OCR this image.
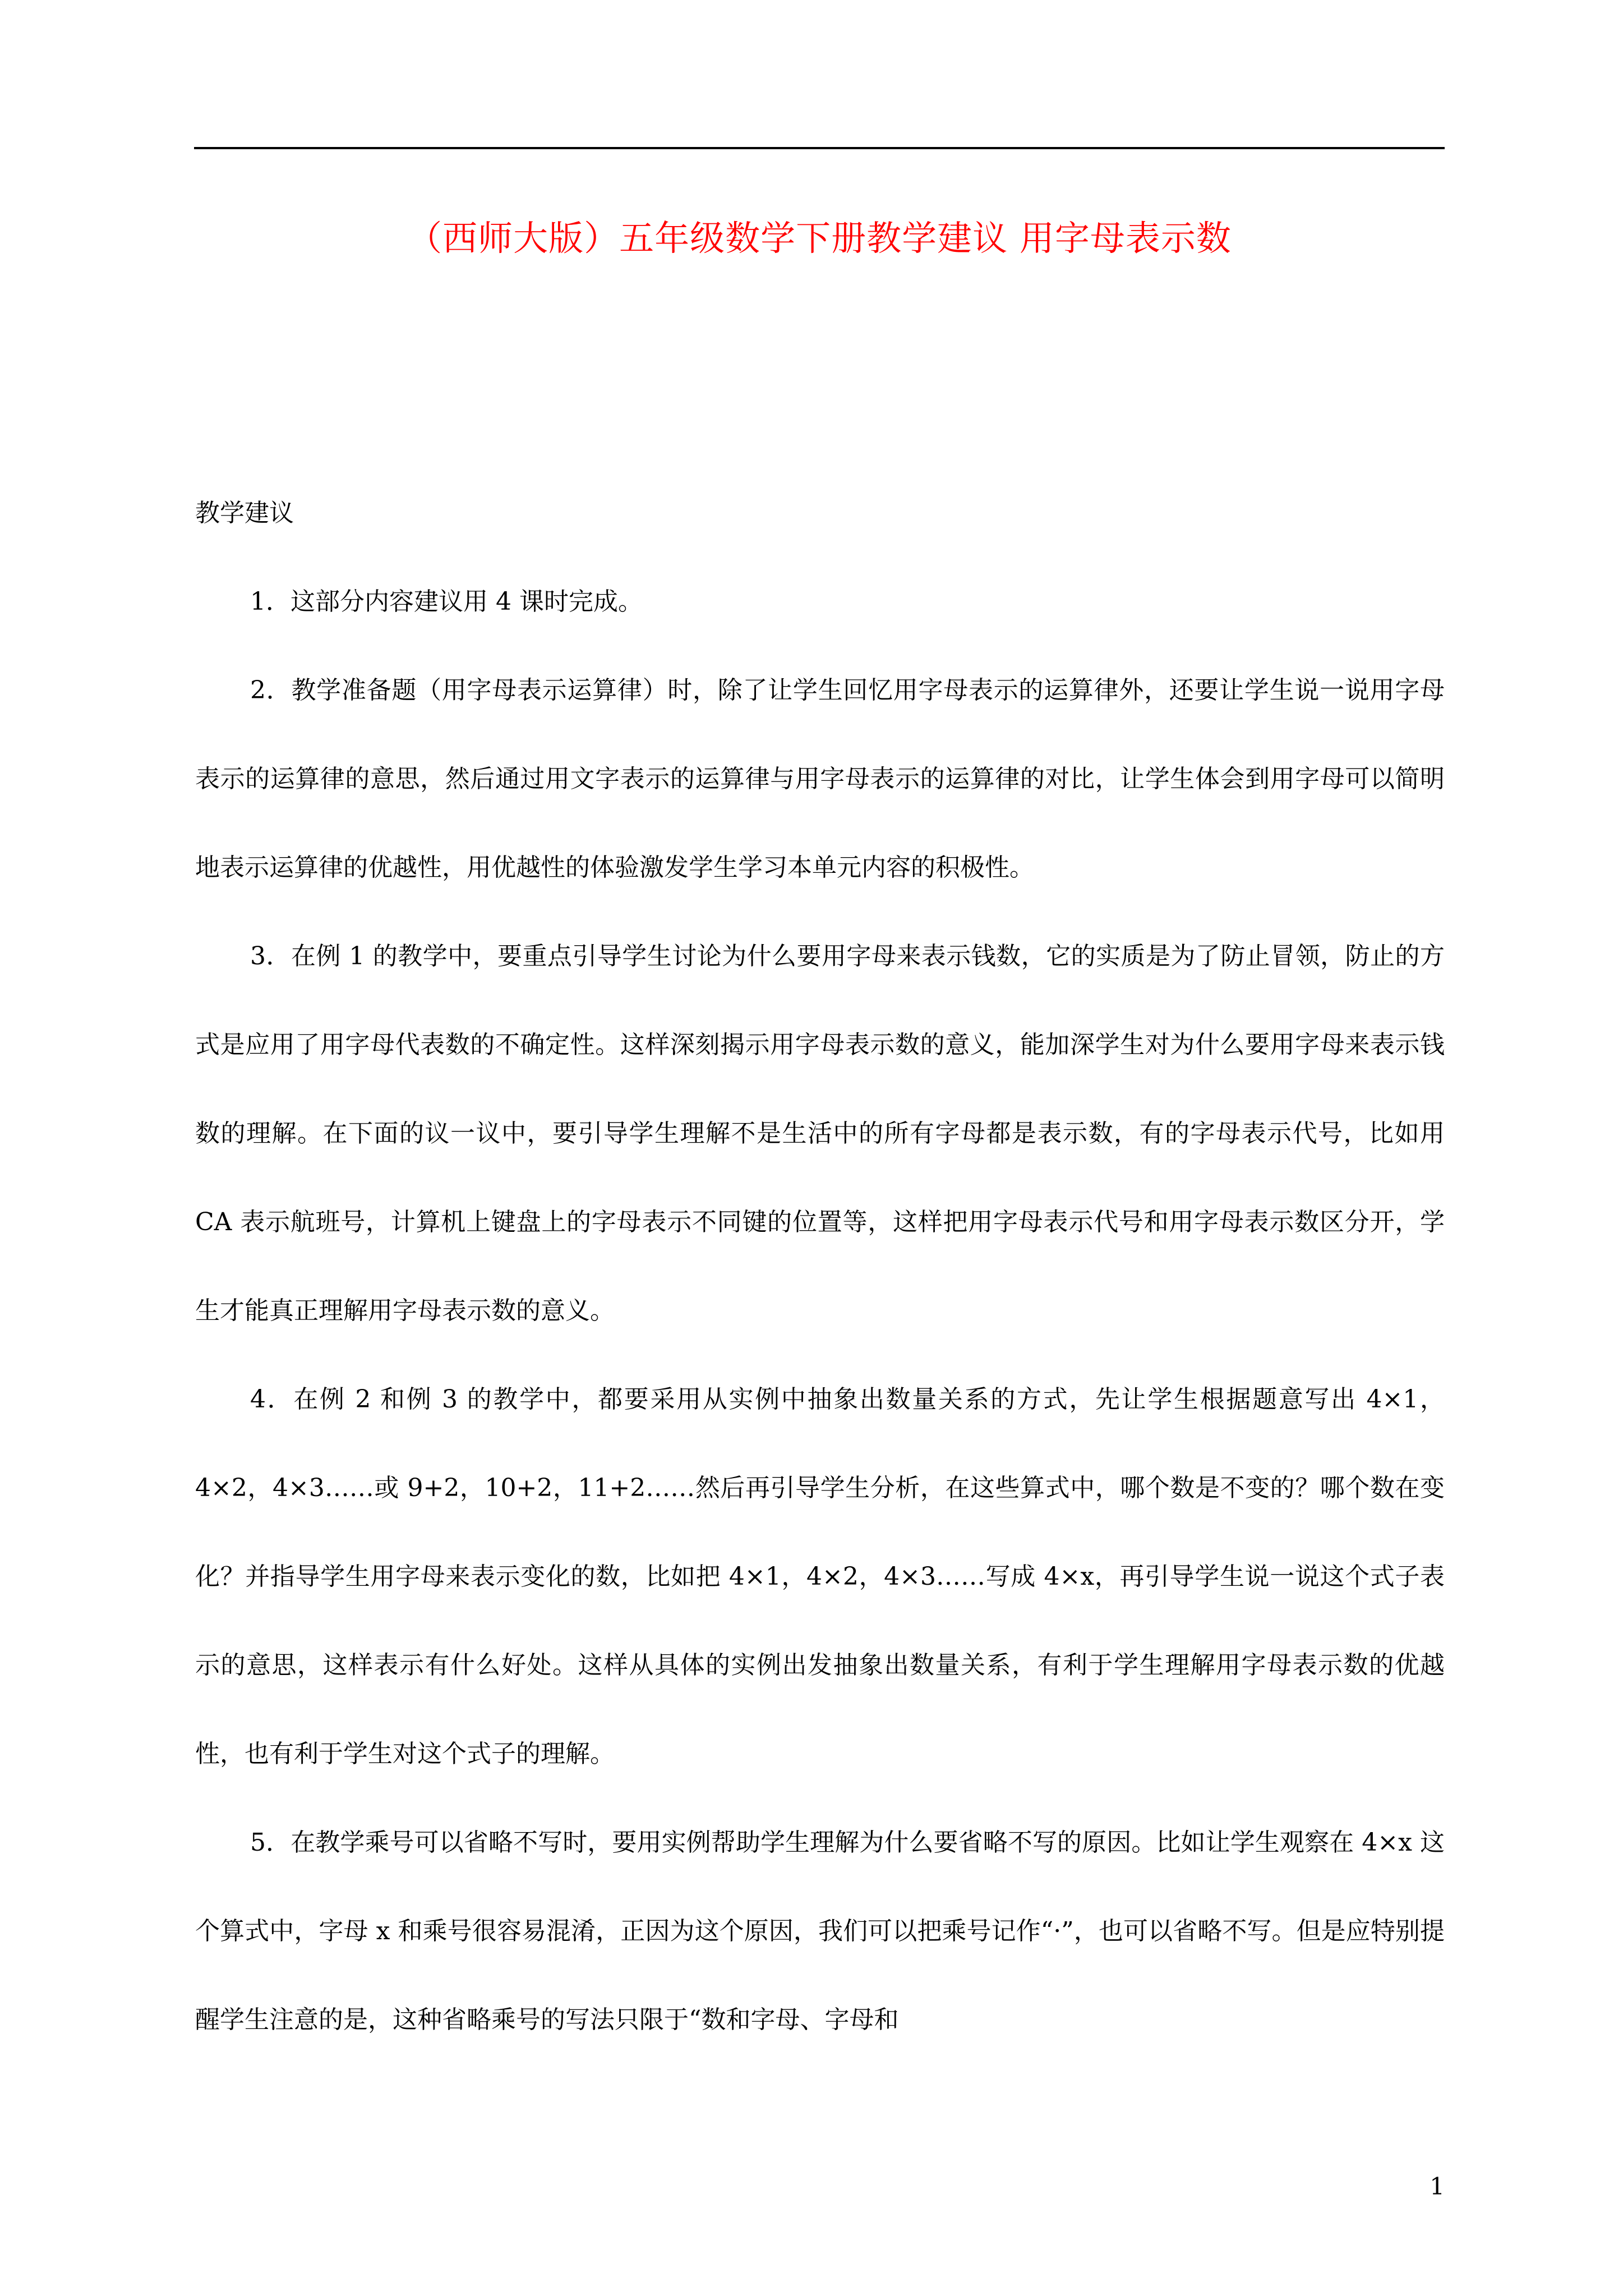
（西师大版）五年级数学下册教学建议 用字母表示数
教学建议

1．这部分内容建议用 4 课时完成。

2．教学准备题（用字母表示运算律）时，除了让学生回忆用字母表示的运算律外，还要让学生说一说用字母表示的运算律的意思，然后通过用文字表示的运算律与用字母表示的运算律的对比，让学生体会到用字母可以简明地表示运算律的优越性，用优越性的体验激发学生学习本单元内容的积极性。

3．在例 1 的教学中，要重点引导学生讨论为什么要用字母来表示钱数，它的实质是为了防止冒领，防止的方式是应用了用字母代表数的不确定性。这样深刻揭示用字母表示数的意义，能加深学生对为什么要用字母来表示钱数的理解。在下面的议一议中，要引导学生理解不是生活中的所有字母都是表示数，有的字母表示代号，比如用 CA 表示航班号，计算机上键盘上的字母表示不同键的位置等，这样把用字母表示代号和用字母表示数区分开，学生才能真正理解用字母表示数的意义。

4．在例 2 和例 3 的教学中，都要采用从实例中抽象出数量关系的方式，先让学生根据题意写出 4×1，4×2，4×3……或 9+2，10+2，11+2……然后再引导学生分析，在这些算式中，哪个数是不变的？哪个数在变化？并指导学生用字母来表示变化的数，比如把 4×1，4×2，4×3……写成 4×x，再引导学生说一说这个式子表示的意思，这样表示有什么好处。这样从具体的实例出发抽象出数量关系，有利于学生理解用字母表示数的优越性，也有利于学生对这个式子的理解。

5．在教学乘号可以省略不写时，要用实例帮助学生理解为什么要省略不写的原因。比如让学生观察在 4×x 这个算式中，字母 x 和乘号很容易混淆，正因为这个原因，我们可以把乘号记作“·”，也可以省略不写。但是应特别提醒学生注意的是，这种省略乘号的写法只限于“数和字母、字母和

1
